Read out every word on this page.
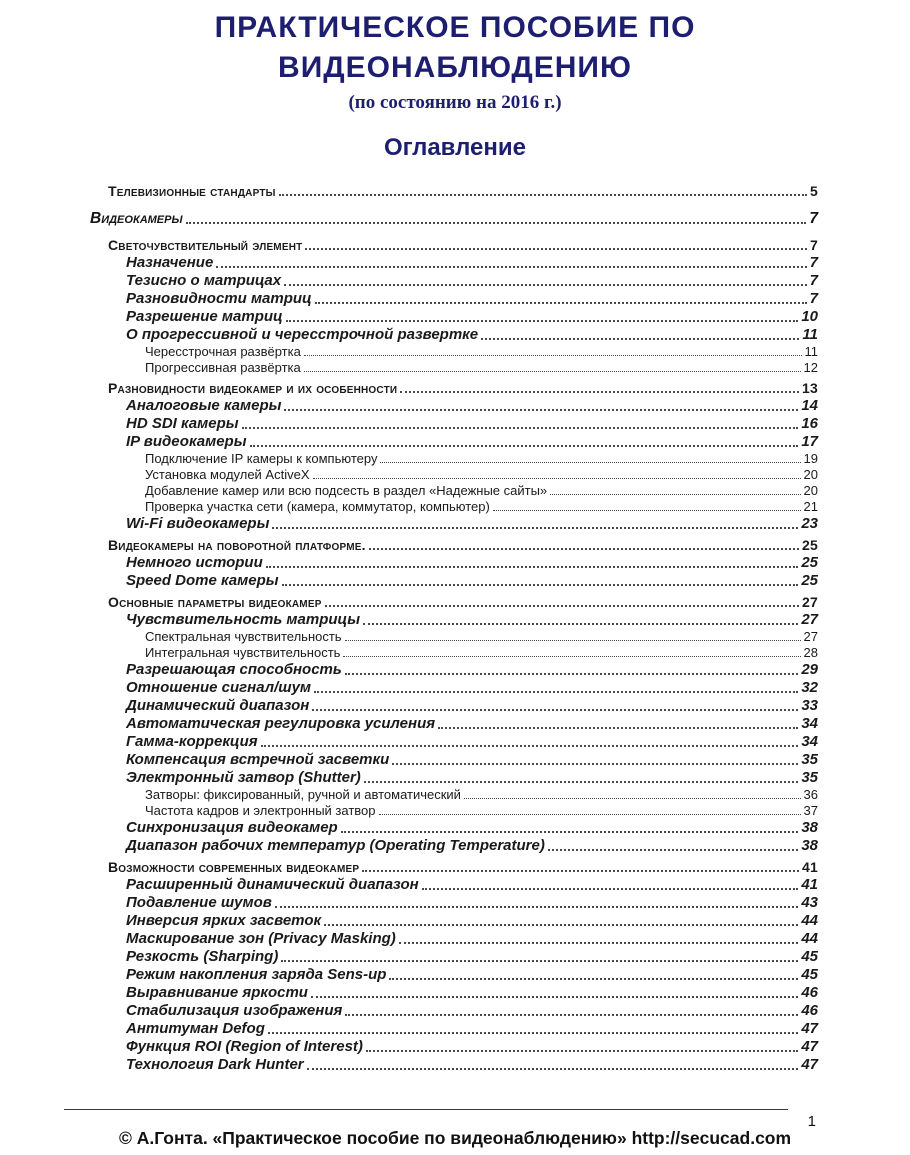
ПРАКТИЧЕСКОЕ ПОСОБИЕ ПО
ВИДЕОНАБЛЮДЕНИЮ
(по состоянию на 2016 г.)
Оглавление
Телевизионные стандарты	5
Видеокамеры	7
Светочувствительный элемент	7
Назначение	7
Тезисно о матрицах	7
Разновидности матриц	7
Разрешение матриц	10
О прогрессивной и чересстрочной развертке	11
Чересстрочная развёртка	11
Прогрессивная развёртка	12
Разновидности видеокамер и их особенности	13
Аналоговые камеры	14
HD SDI камеры	16
IP видеокамеры	17
Подключение IP камеры к компьютеру	19
Установка модулей ActiveX	20
Добавление камер или всю подсесть в раздел «Надежные сайты»	20
Проверка участка сети (камера, коммутатор, компьютер)	21
Wi-Fi видеокамеры	23
Видеокамеры на поворотной платформе.	25
Немного истории	25
Speed Dome камеры	25
Основные параметры видеокамер	27
Чувствительность матрицы	27
Спектральная чувствительность	27
Интегральная чувствительность	28
Разрешающая способность	29
Отношение сигнал/шум	32
Динамический диапазон	33
Автоматическая регулировка усиления	34
Гамма-коррекция	34
Компенсация встречной засветки	35
Электронный затвор (Shutter)	35
Затворы: фиксированный, ручной и автоматический	36
Частота кадров и электронный затвор	37
Синхронизация видеокамер	38
Диапазон рабочих температур (Operating Temperature)	38
Возможности современных видеокамер	41
Расширенный динамический диапазон	41
Подавление шумов	43
Инверсия ярких засветок	44
Маскирование зон (Privacy Masking)	44
Резкость (Sharping)	45
Режим накопления заряда Sens-up	45
Выравнивание яркости	46
Стабилизация изображения	46
Антитуман Defog	47
Функция ROI (Region of Interest)	47
Технология Dark Hunter	47
1
© А.Гонта. «Практическое пособие по видеонаблюдению» http://secucad.com
